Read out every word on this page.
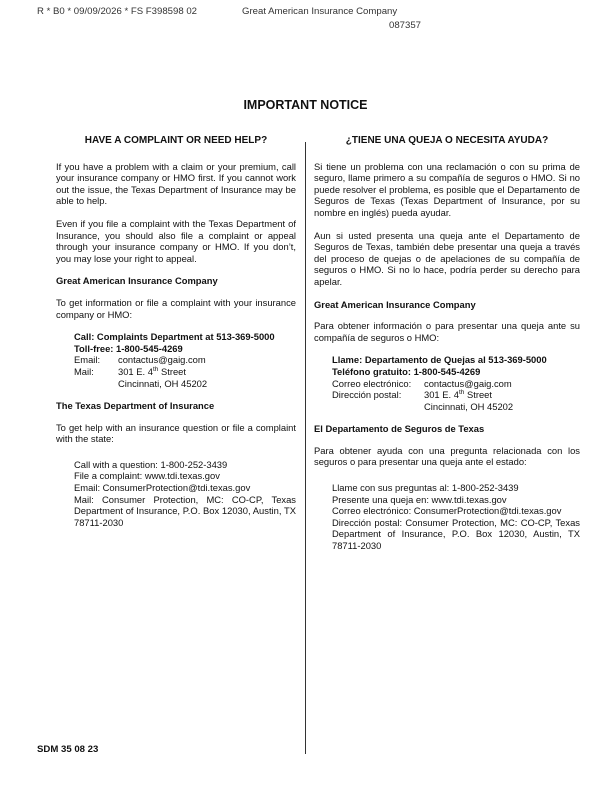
R * B0 * 09/09/2026 * FS F398598 02	Great American Insurance Company
087357
IMPORTANT NOTICE
HAVE A COMPLAINT OR NEED HELP?

If you have a problem with a claim or your premium, call your insurance company or HMO first. If you cannot work out the issue, the Texas Department of Insurance may be able to help.

Even if you file a complaint with the Texas Department of Insurance, you should also file a complaint or appeal through your insurance company or HMO. If you don’t, you may lose your right to appeal.

Great American Insurance Company

To get information or file a complaint with your insurance company or HMO:

Call: Complaints Department at 513-369-5000
Toll-free: 1-800-545-4269
Email:	contactus@gaig.com
Mail:	301 E. 4th Street
Cincinnati, OH 45202
The Texas Department of Insurance

To get help with an insurance question or file a complaint with the state:

Call with a question: 1-800-252-3439
File a complaint: www.tdi.texas.gov
Email: ConsumerProtection@tdi.texas.gov
Mail: Consumer Protection, MC: CO-CP, Texas Department of Insurance, P.O. Box 12030, Austin, TX 78711-2030
¿TIENE UNA QUEJA O NECESITA AYUDA?

Si tiene un problema con una reclamación o con su prima de seguro, llame primero a su compañía de seguros o HMO. Si no puede resolver el problema, es posible que el Departamento de Seguros de Texas (Texas Department of Insurance, por su nombre en inglés) pueda ayudar.

Aun si usted presenta una queja ante el Departamento de Seguros de Texas, también debe presentar una queja a través del proceso de quejas o de apelaciones de su compañía de seguros o HMO. Si no lo hace, podría perder su derecho para apelar.

Great American Insurance Company

Para obtener información o para presentar una queja ante su compañía de seguros o HMO:

Llame: Departamento de Quejas al 513-369-5000
Teléfono gratuito: 1-800-545-4269
Correo electrónico:	contactus@gaig.com
Dirección postal:	301 E. 4th Street
Cincinnati, OH 45202
El Departamento de Seguros de Texas

Para obtener ayuda con una pregunta relacionada con los seguros o para presentar una queja ante el estado:

Llame con sus preguntas al: 1-800-252-3439
Presente una queja en: www.tdi.texas.gov
Correo electrónico: ConsumerProtection@tdi.texas.gov
Dirección postal: Consumer Protection, MC: CO-CP, Texas Department of Insurance, P.O. Box 12030, Austin, TX 78711-2030
SDM 35 08 23
